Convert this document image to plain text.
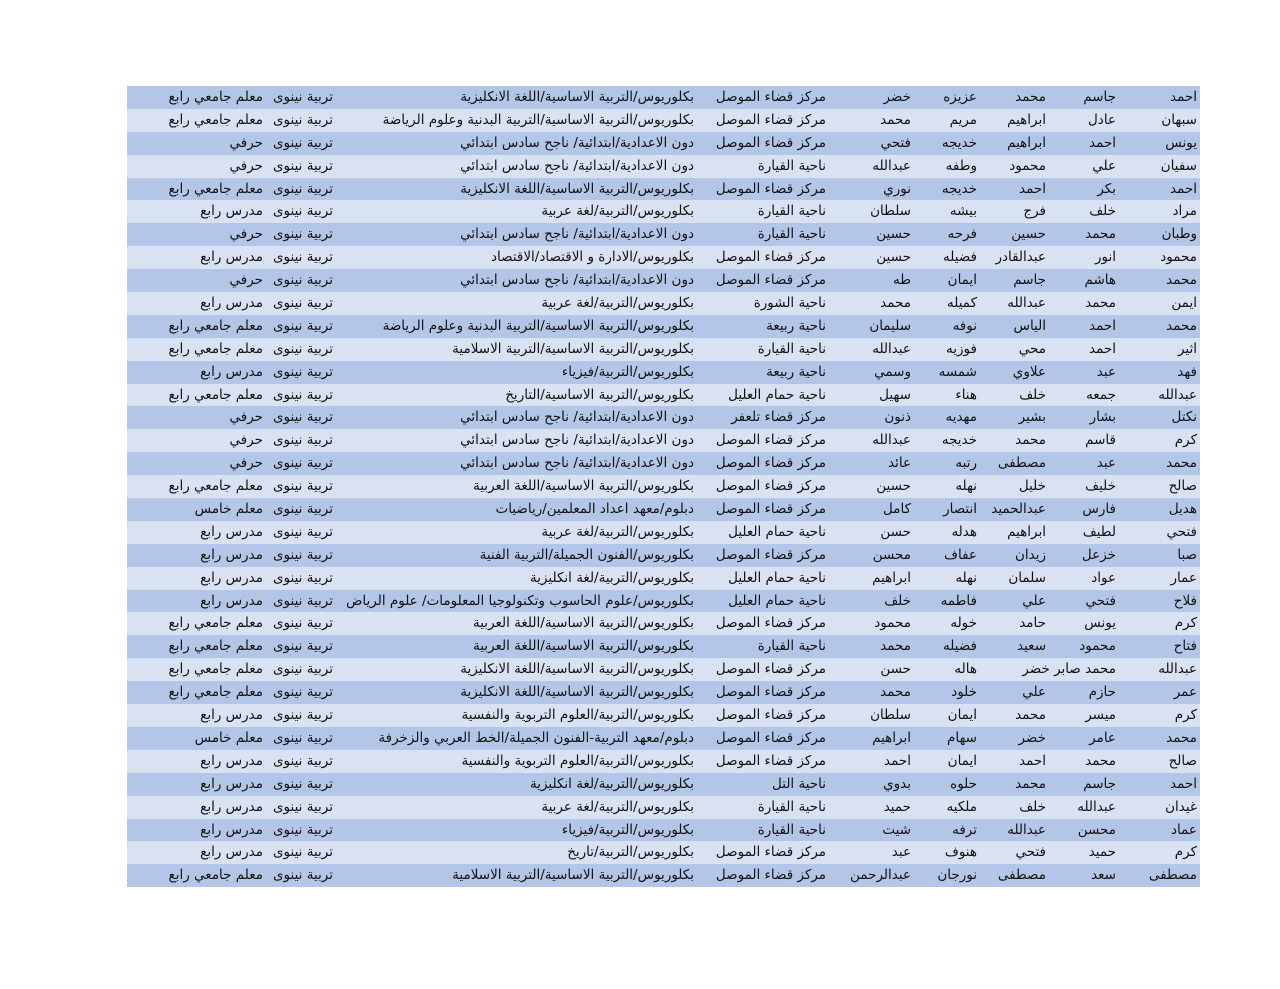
احمد
جاسم
محمد
عزيزه
خضر
مركز قضاء الموصل
بكلوريوس/التربية الاساسية/اللغة الانكليزية
تربية نينوى
معلم جامعي رابع
سبهان
عادل
ابراهيم
مريم
محمد
مركز قضاء الموصل
بكلوريوس/التربية الاساسية/التربية البدنية وعلوم الرياضة
تربية نينوى
معلم جامعي رابع
يونس
احمد
ابراهيم
خديجه
فتحي
مركز قضاء الموصل
دون الاعدادية/ابتدائية/ ناجح سادس ابتدائي
تربية نينوى
حرفي
سفيان
علي
محمود
وطفه
عبدالله
ناحية القيارة
دون الاعدادية/ابتدائية/ ناجح سادس ابتدائي
تربية نينوى
حرفي
احمد
بكر
احمد
خديجه
نوري
مركز قضاء الموصل
بكلوريوس/التربية الاساسية/اللغة الانكليزية
تربية نينوى
معلم جامعي رابع
مراد
خلف
فرج
بيشه
سلطان
ناحية القيارة
بكلوريوس/التربية/لغة عربية
تربية نينوى
مدرس رابع
وطبان
محمد
حسين
فرحه
حسين
ناحية القيارة
دون الاعدادية/ابتدائية/ ناجح سادس ابتدائي
تربية نينوى
حرفي
محمود
انور
عبدالقادر
فضيله
حسين
مركز قضاء الموصل
بكلوريوس/الادارة و الاقتصاد/الاقتصاد
تربية نينوى
مدرس رابع
محمد
هاشم
جاسم
ايمان
طه
مركز قضاء الموصل
دون الاعدادية/ابتدائية/ ناجح سادس ابتدائي
تربية نينوى
حرفي
ايمن
محمد
عبدالله
كميله
محمد
ناحية الشورة
بكلوريوس/التربية/لغة عربية
تربية نينوى
مدرس رابع
محمد
احمد
الياس
نوفه
سليمان
ناحية ربيعة
بكلوريوس/التربية الاساسية/التربية البدنية وعلوم الرياضة
تربية نينوى
معلم جامعي رابع
اثير
احمد
محي
فوزيه
عبدالله
ناحية القيارة
بكلوريوس/التربية الاساسية/التربية الاسلامية
تربية نينوى
معلم جامعي رابع
فهد
عبد
علاوي
شمسه
وسمي
ناحية ربيعة
بكلوريوس/التربية/فيزياء
تربية نينوى
مدرس رابع
عبدالله
جمعه
خلف
هناء
سهيل
ناحية حمام العليل
بكلوريوس/التربية الاساسية/التاريخ
تربية نينوى
معلم جامعي رابع
نكتل
بشار
بشير
مهديه
ذنون
مركز قضاء تلعفر
دون الاعدادية/ابتدائية/ ناجح سادس ابتدائي
تربية نينوى
حرفي
كرم
قاسم
محمد
خديجه
عبدالله
مركز قضاء الموصل
دون الاعدادية/ابتدائية/ ناجح سادس ابتدائي
تربية نينوى
حرفي
محمد
عبد
مصطفى
رتبه
عائد
مركز قضاء الموصل
دون الاعدادية/ابتدائية/ ناجح سادس ابتدائي
تربية نينوى
حرفي
صالح
خليف
خليل
نهله
حسين
مركز قضاء الموصل
بكلوريوس/التربية الاساسية/اللغة العربية
تربية نينوى
معلم جامعي رابع
هديل
فارس
عبدالحميد
انتصار
كامل
مركز قضاء الموصل
دبلوم/معهد اعداد المعلمين/رياضيات
تربية نينوى
معلم خامس
فتحي
لطيف
ابراهيم
هدله
حسن
ناحية حمام العليل
بكلوريوس/التربية/لغة عربية
تربية نينوى
مدرس رابع
صبا
خزعل
زيدان
عفاف
محسن
مركز قضاء الموصل
بكلوريوس/الفنون الجميلة/التربية الفنية
تربية نينوى
مدرس رابع
عمار
عواد
سلمان
نهله
ابراهيم
ناحية حمام العليل
بكلوريوس/التربية/لغة انكليزية
تربية نينوى
مدرس رابع
فلاح
فتحي
علي
فاطمه
خلف
ناحية حمام العليل
بكلوريوس/علوم الحاسوب وتكنولوجيا المعلومات/ علوم الرياض
تربية نينوى
مدرس رابع
كرم
يونس
حامد
خوله
محمود
مركز قضاء الموصل
بكلوريوس/التربية الاساسية/اللغة العربية
تربية نينوى
معلم جامعي رابع
فتاح
محمود
سعيد
فضيله
محمد
ناحية القيارة
بكلوريوس/التربية الاساسية/اللغة العربية
تربية نينوى
معلم جامعي رابع
عبدالله
محمد صابر خضر
هاله
حسن
مركز قضاء الموصل
بكلوريوس/التربية الاساسية/اللغة الانكليزية
تربية نينوى
معلم جامعي رابع
عمر
حازم
علي
خلود
محمد
مركز قضاء الموصل
بكلوريوس/التربية الاساسية/اللغة الانكليزية
تربية نينوى
معلم جامعي رابع
كرم
ميسر
محمد
ايمان
سلطان
مركز قضاء الموصل
بكلوريوس/التربية/العلوم التربوية والنفسية
تربية نينوى
مدرس رابع
محمد
عامر
خضر
سهام
ابراهيم
مركز قضاء الموصل
دبلوم/معهد التربية-الفنون الجميلة/الخط العربي والزخرفة
تربية نينوى
معلم خامس
صالح
محمد
احمد
ايمان
احمد
مركز قضاء الموصل
بكلوريوس/التربية/العلوم التربوية والنفسية
تربية نينوى
مدرس رابع
احمد
جاسم
محمد
حلوه
بدوي
ناحية التل
بكلوريوس/التربية/لغة انكليزية
تربية نينوى
مدرس رابع
غيدان
عبدالله
خلف
ملكيه
حميد
ناحية القيارة
بكلوريوس/التربية/لغة عربية
تربية نينوى
مدرس رابع
عماد
محسن
عبدالله
ترفه
شيت
ناحية القيارة
بكلوريوس/التربية/فيزياء
تربية نينوى
مدرس رابع
كرم
حميد
فتحي
هنوف
عبد
مركز قضاء الموصل
بكلوريوس/التربية/تاريخ
تربية نينوى
مدرس رابع
مصطفى
سعد
مصطفى
نورجان
عبدالرحمن
مركز قضاء الموصل
بكلوريوس/التربية الاساسية/التربية الاسلامية
تربية نينوى
معلم جامعي رابع
